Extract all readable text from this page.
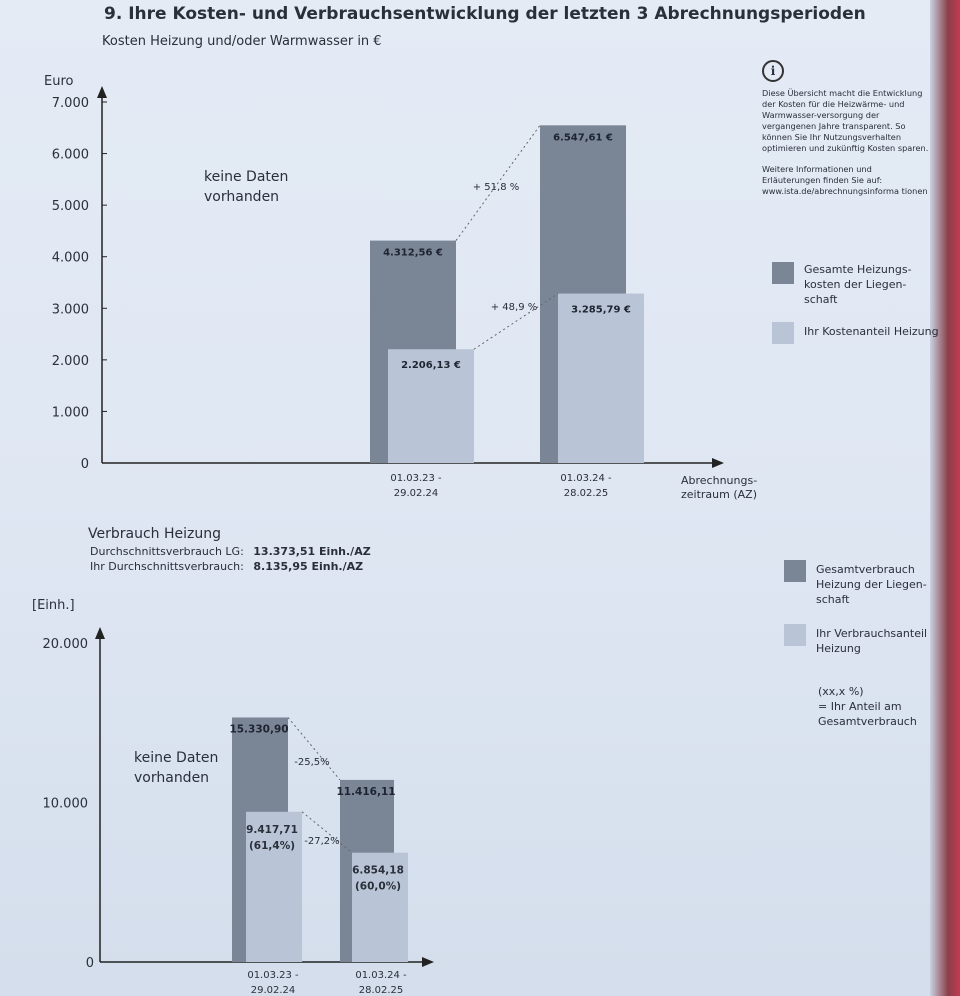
9. Ihre Kosten- und Verbrauchsentwicklung der letzten 3 Abrechnungsperioden
Kosten Heizung und/oder Warmwasser in €
i

Diese Übersicht macht die Entwicklung der Kosten für die Heizwärme- und Warmwasser-versorgung der vergangenen Jahre transparent. So können Sie Ihr Nutzungsverhalten optimieren und zukünftig Kosten sparen.

Weitere Informationen und Erläuterungen finden Sie auf: www.ista.de/abrechnungsinforma tionen

Gesamte Heizungs-
kosten der Liegen-
schaft
Ihr Kostenanteil Heizung
Verbrauch Heizung
Durchschnittsverbrauch LG: 13.373,51 Einh./AZ
Ihr Durchschnittsverbrauch: 8.135,95 Einh./AZ	Gesamtverbrauch
Heizung der Liegen-
schaft
Ihr Verbrauchsanteil
Heizung
(xx,x %)
= Ihr Anteil am
Gesamtverbrauch
keine Daten
vorhanden
keine Daten
vorhanden
Euro
0
1.000
2.000
3.000
4.000
5.000
6.000
7.000
Abrechnungs-zeitraum (AZ)
4.312,56 €
2.206,13 €
01.03.23 -29.02.24
6.547,61 €
3.285,79 €
01.03.24 -28.02.25
+ 51,8 %
+ 48,9 %
[Einh.]
0
10.000
20.000
15.330,90
9.417,71 (61,4%)
01.03.23 -29.02.24
11.416,11
6.854,18 (60,0%)
01.03.24 -28.02.25
-25,5%
-27,2%
